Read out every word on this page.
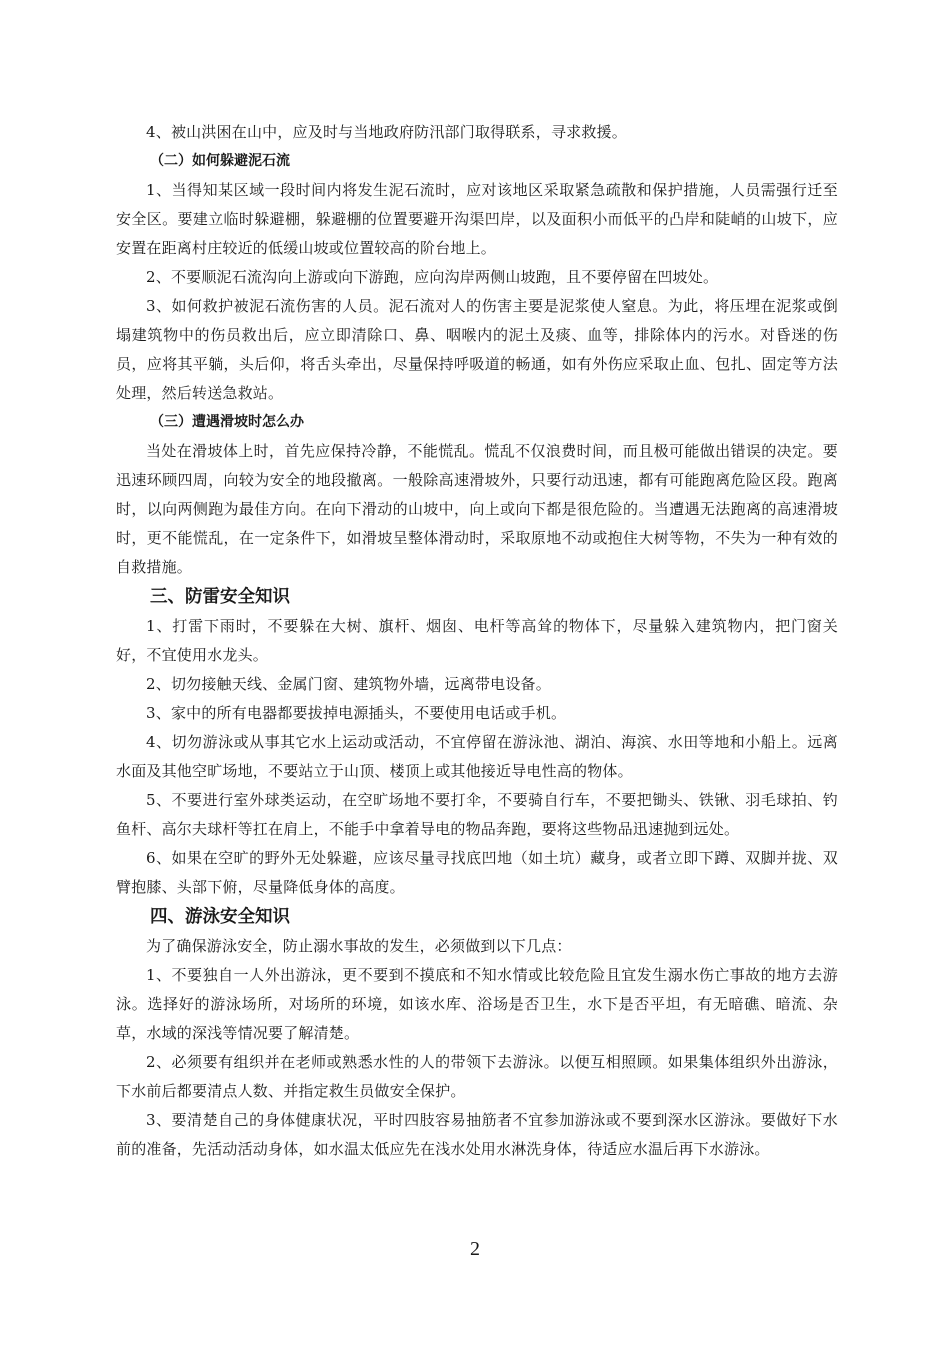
4、被山洪困在山中，应及时与当地政府防汛部门取得联系，寻求救援。

（二）如何躲避泥石流

1、当得知某区域一段时间内将发生泥石流时，应对该地区采取紧急疏散和保护措施，人员需强行迁至安全区。要建立临时躲避棚，躲避棚的位置要避开沟渠凹岸，以及面积小而低平的凸岸和陡峭的山坡下，应安置在距离村庄较近的低缓山坡或位置较高的阶台地上。

2、不要顺泥石流沟向上游或向下游跑，应向沟岸两侧山坡跑，且不要停留在凹坡处。

3、如何救护被泥石流伤害的人员。泥石流对人的伤害主要是泥浆使人窒息。为此，将压埋在泥浆或倒塌建筑物中的伤员救出后，应立即清除口、鼻、咽喉内的泥土及痰、血等，排除体内的污水。对昏迷的伤员，应将其平躺，头后仰，将舌头牵出，尽量保持呼吸道的畅通，如有外伤应采取止血、包扎、固定等方法处理，然后转送急救站。

（三）遭遇滑坡时怎么办

当处在滑坡体上时，首先应保持冷静，不能慌乱。慌乱不仅浪费时间，而且极可能做出错误的决定。要迅速环顾四周，向较为安全的地段撤离。一般除高速滑坡外，只要行动迅速，都有可能跑离危险区段。跑离时，以向两侧跑为最佳方向。在向下滑动的山坡中，向上或向下都是很危险的。当遭遇无法跑离的高速滑坡时，更不能慌乱，在一定条件下，如滑坡呈整体滑动时，采取原地不动或抱住大树等物，不失为一种有效的自救措施。

三、防雷安全知识

1、打雷下雨时，不要躲在大树、旗杆、烟囱、电杆等高耸的物体下，尽量躲入建筑物内，把门窗关好，不宜使用水龙头。

2、切勿接触天线、金属门窗、建筑物外墙，远离带电设备。

3、家中的所有电器都要拔掉电源插头，不要使用电话或手机。

4、切勿游泳或从事其它水上运动或活动，不宜停留在游泳池、湖泊、海滨、水田等地和小船上。远离水面及其他空旷场地，不要站立于山顶、楼顶上或其他接近导电性高的物体。

5、不要进行室外球类运动，在空旷场地不要打伞，不要骑自行车，不要把锄头、铁锹、羽毛球拍、钓鱼杆、高尔夫球杆等扛在肩上，不能手中拿着导电的物品奔跑，要将这些物品迅速抛到远处。

6、如果在空旷的野外无处躲避，应该尽量寻找底凹地（如土坑）藏身，或者立即下蹲、双脚并拢、双臂抱膝、头部下俯，尽量降低身体的高度。

四、游泳安全知识

为了确保游泳安全，防止溺水事故的发生，必须做到以下几点：

1、不要独自一人外出游泳，更不要到不摸底和不知水情或比较危险且宜发生溺水伤亡事故的地方去游泳。选择好的游泳场所，对场所的环境，如该水库、浴场是否卫生，水下是否平坦，有无暗礁、暗流、杂草，水域的深浅等情况要了解清楚。

2、必须要有组织并在老师或熟悉水性的人的带领下去游泳。以便互相照顾。如果集体组织外出游泳，下水前后都要清点人数、并指定救生员做安全保护。

3、要清楚自己的身体健康状况，平时四肢容易抽筋者不宜参加游泳或不要到深水区游泳。要做好下水前的准备，先活动活动身体，如水温太低应先在浅水处用水淋洗身体，待适应水温后再下水游泳。

2
